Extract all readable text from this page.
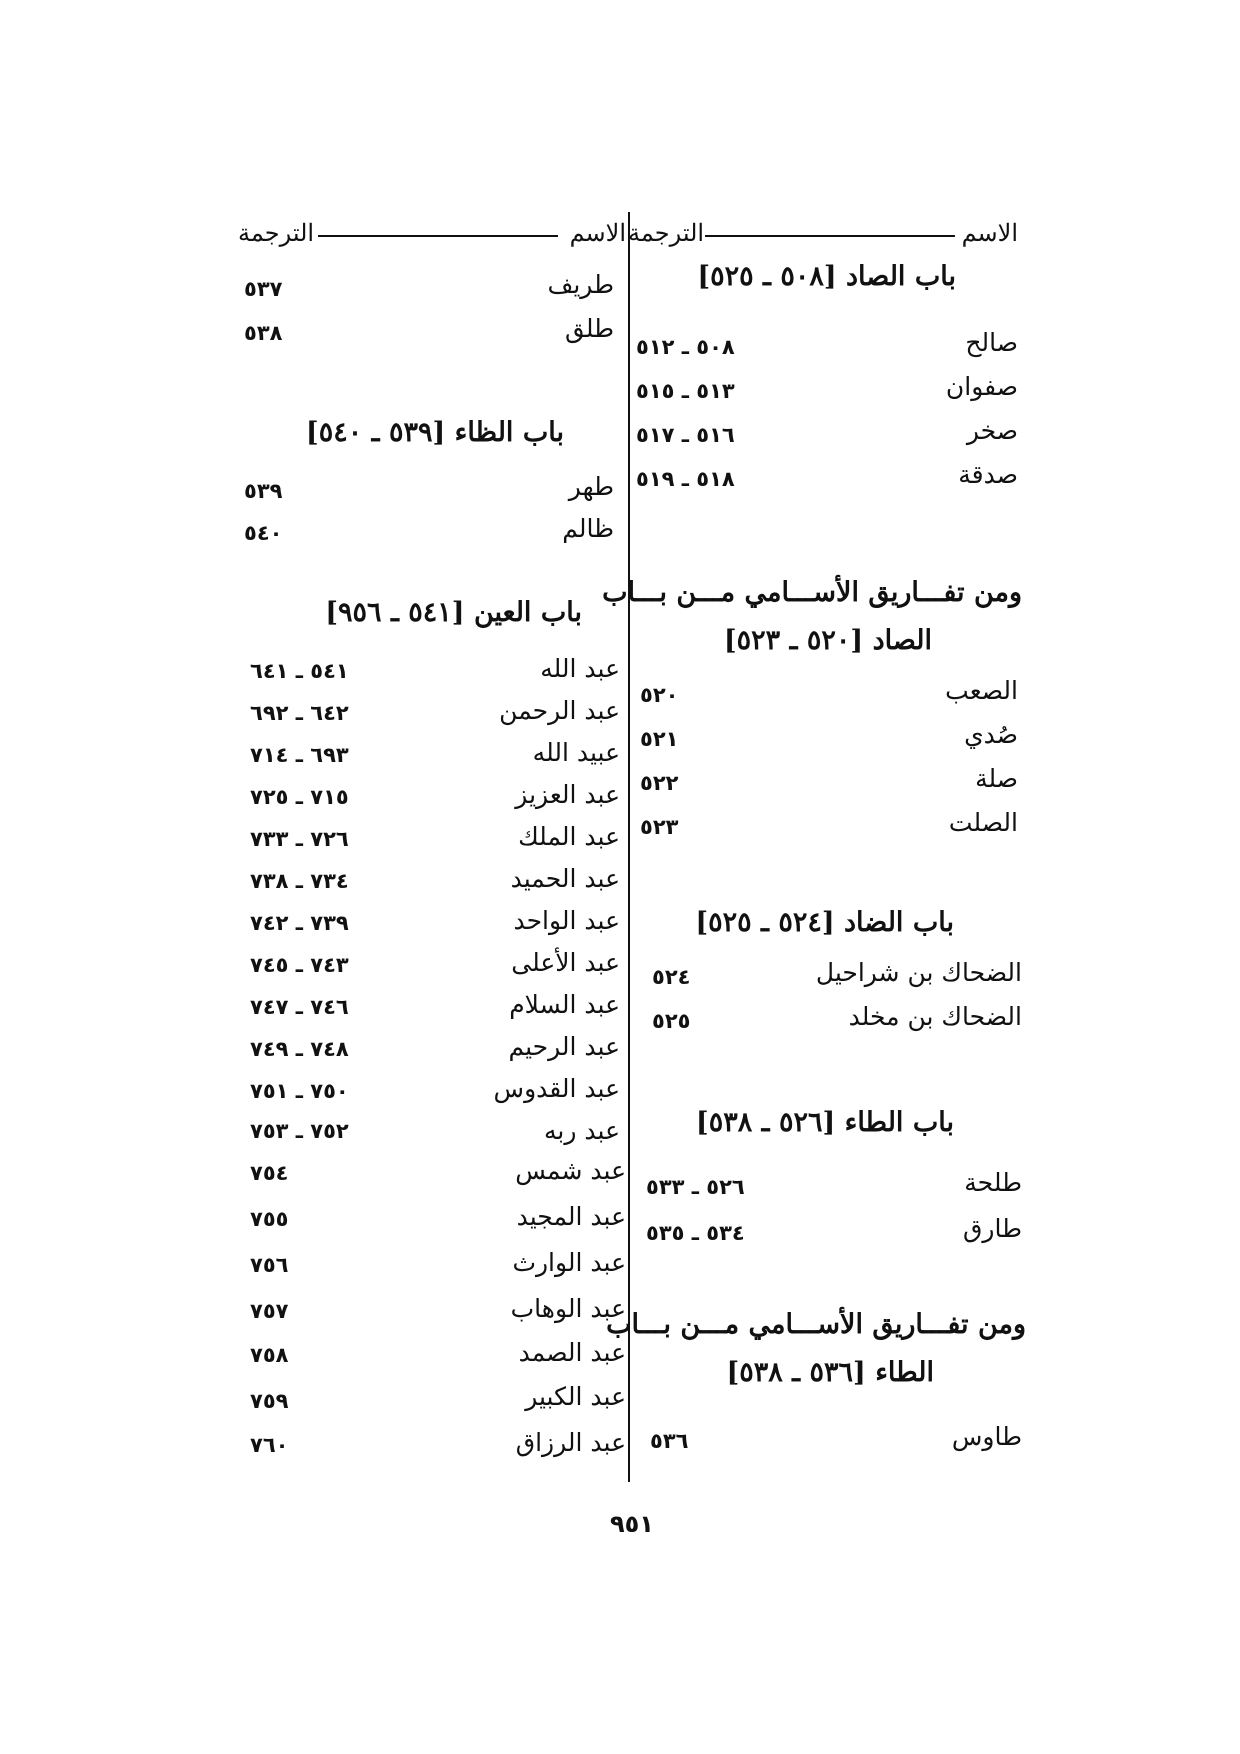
الاسم
الترجمة
الاسم
الترجمة
باب الصاد [٥٠٨ ـ ٥٢٥]
صالح
٥٠٨ ـ ٥١٢
صفوان
٥١٣ ـ ٥١٥
صخر
٥١٦ ـ ٥١٧
صدقة
٥١٨ ـ ٥١٩
ومن تفـــاريق الأســـامي مـــن بـــاب
الصاد [٥٢٠ ـ ٥٢٣]
الصعب
٥٢٠
صُدي
٥٢١
صلة
٥٢٢
الصلت
٥٢٣
باب الضاد [٥٢٤ ـ ٥٢٥]
الضحاك بن شراحيل
٥٢٤
الضحاك بن مخلد
٥٢٥
باب الطاء [٥٢٦ ـ ٥٣٨]
طلحة
٥٢٦ ـ ٥٣٣
طارق
٥٣٤ ـ ٥٣٥
ومن تفـــاريق الأســـامي مـــن بـــاب
الطاء [٥٣٦ ـ ٥٣٨]
طاوس
٥٣٦
طريف
٥٣٧
طلق
٥٣٨
باب الظاء [٥٣٩ ـ ٥٤٠]
طهر
٥٣٩
ظالم
٥٤٠
باب العين [٥٤١ ـ ٩٥٦]
عبد الله
٥٤١ ـ ٦٤١
عبد الرحمن
٦٤٢ ـ ٦٩٢
عبيد الله
٦٩٣ ـ ٧١٤
عبد العزيز
٧١٥ ـ ٧٢٥
عبد الملك
٧٢٦ ـ ٧٣٣
عبد الحميد
٧٣٤ ـ ٧٣٨
عبد الواحد
٧٣٩ ـ ٧٤٢
عبد الأعلى
٧٤٣ ـ ٧٤٥
عبد السلام
٧٤٦ ـ ٧٤٧
عبد الرحيم
٧٤٨ ـ ٧٤٩
عبد القدوس
٧٥٠ ـ ٧٥١
عبد ربه
٧٥٢ ـ ٧٥٣
عبد شمس
٧٥٤
عبد المجيد
٧٥٥
عبد الوارث
٧٥٦
عبد الوهاب
٧٥٧
عبد الصمد
٧٥٨
عبد الكبير
٧٥٩
عبد الرزاق
٧٦٠
٩٥١
